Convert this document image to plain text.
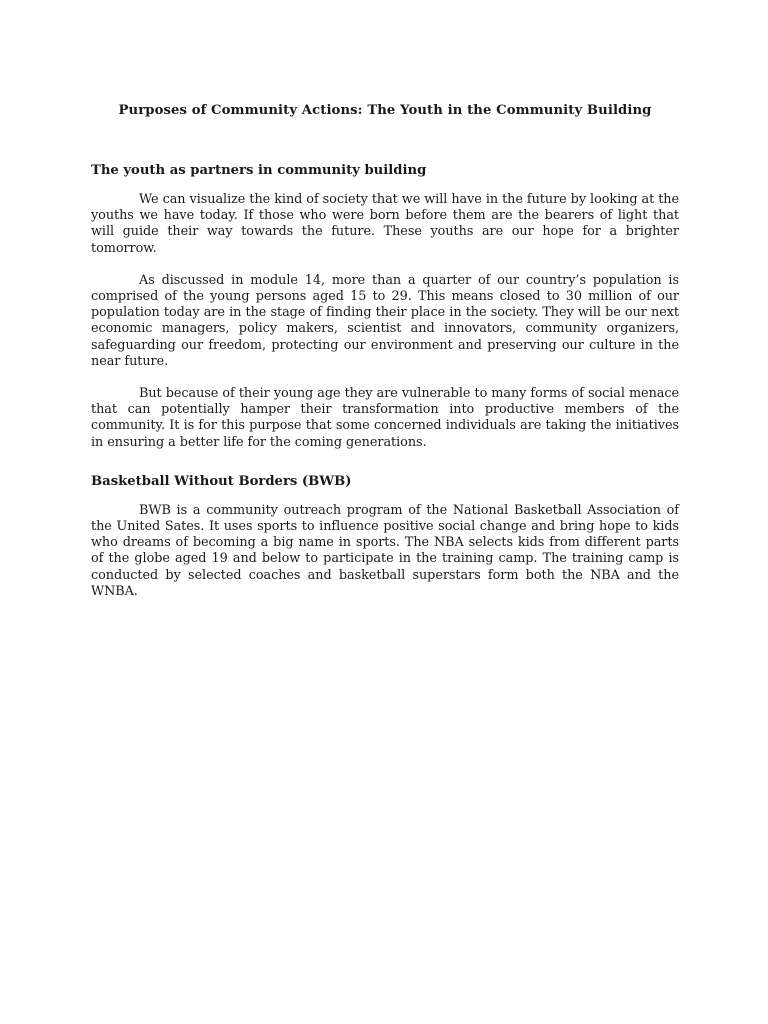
Purposes of Community Actions: The Youth in the Community Building
The youth as partners in community building

We can visualize the kind of society that we will have in the future by looking at the youths we have today. If those who were born before them are the bearers of light that will guide their way towards the future. These youths are our hope for a brighter tomorrow.

As discussed in module 14, more than a quarter of our country’s population is comprised of the young persons aged 15 to 29. This means closed to 30 million of our population today are in the stage of finding their place in the society. They will be our next economic managers, policy makers, scientist and innovators, community organizers, safeguarding our freedom, protecting our environment and preserving our culture in the near future.

But because of their young age they are vulnerable to many forms of social menace that can potentially hamper their transformation into productive members of the community. It is for this purpose that some concerned individuals are taking the initiatives in ensuring a better life for the coming generations.

Basketball Without Borders (BWB)

BWB is a community outreach program of the National Basketball Association of the United Sates. It uses sports to influence positive social change and bring hope to kids who dreams of becoming a big name in sports. The NBA selects kids from different parts of the globe aged 19 and below to participate in the training camp. The training camp is conducted by selected coaches and basketball superstars form both the NBA and the WNBA.
